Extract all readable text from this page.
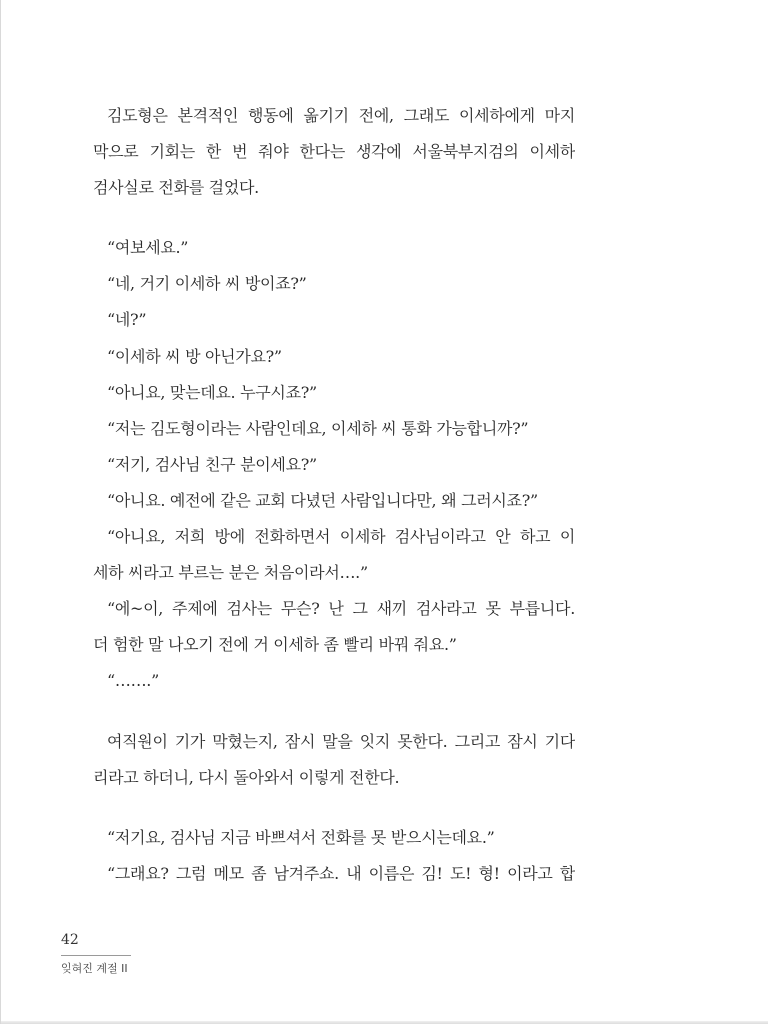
김도형은 본격적인 행동에 옮기기 전에, 그래도 이세하에게 마지
막으로 기회는 한 번 줘야 한다는 생각에 서울북부지검의 이세하
검사실로 전화를 걸었다.
“여보세요.”
“네, 거기 이세하 씨 방이죠?”
“네?”
“이세하 씨 방 아닌가요?”
“아니요, 맞는데요. 누구시죠?”
“저는 김도형이라는 사람인데요, 이세하 씨 통화 가능합니까?”
“저기, 검사님 친구 분이세요?”
“아니요. 예전에 같은 교회 다녔던 사람입니다만, 왜 그러시죠?”
“아니요, 저희 방에 전화하면서 이세하 검사님이라고 안 하고 이
세하 씨라고 부르는 분은 처음이라서….”
“에~이, 주제에 검사는 무슨? 난 그 새끼 검사라고 못 부릅니다.
더 험한 말 나오기 전에 거 이세하 좀 빨리 바꿔 줘요.”
“…….”
여직원이 기가 막혔는지, 잠시 말을 잇지 못한다. 그리고 잠시 기다
리라고 하더니, 다시 돌아와서 이렇게 전한다.
“저기요, 검사님 지금 바쁘셔서 전화를 못 받으시는데요.”
“그래요? 그럼 메모 좀 남겨주쇼. 내 이름은 김! 도! 형! 이라고 합
42
잊혀진 계절 II
